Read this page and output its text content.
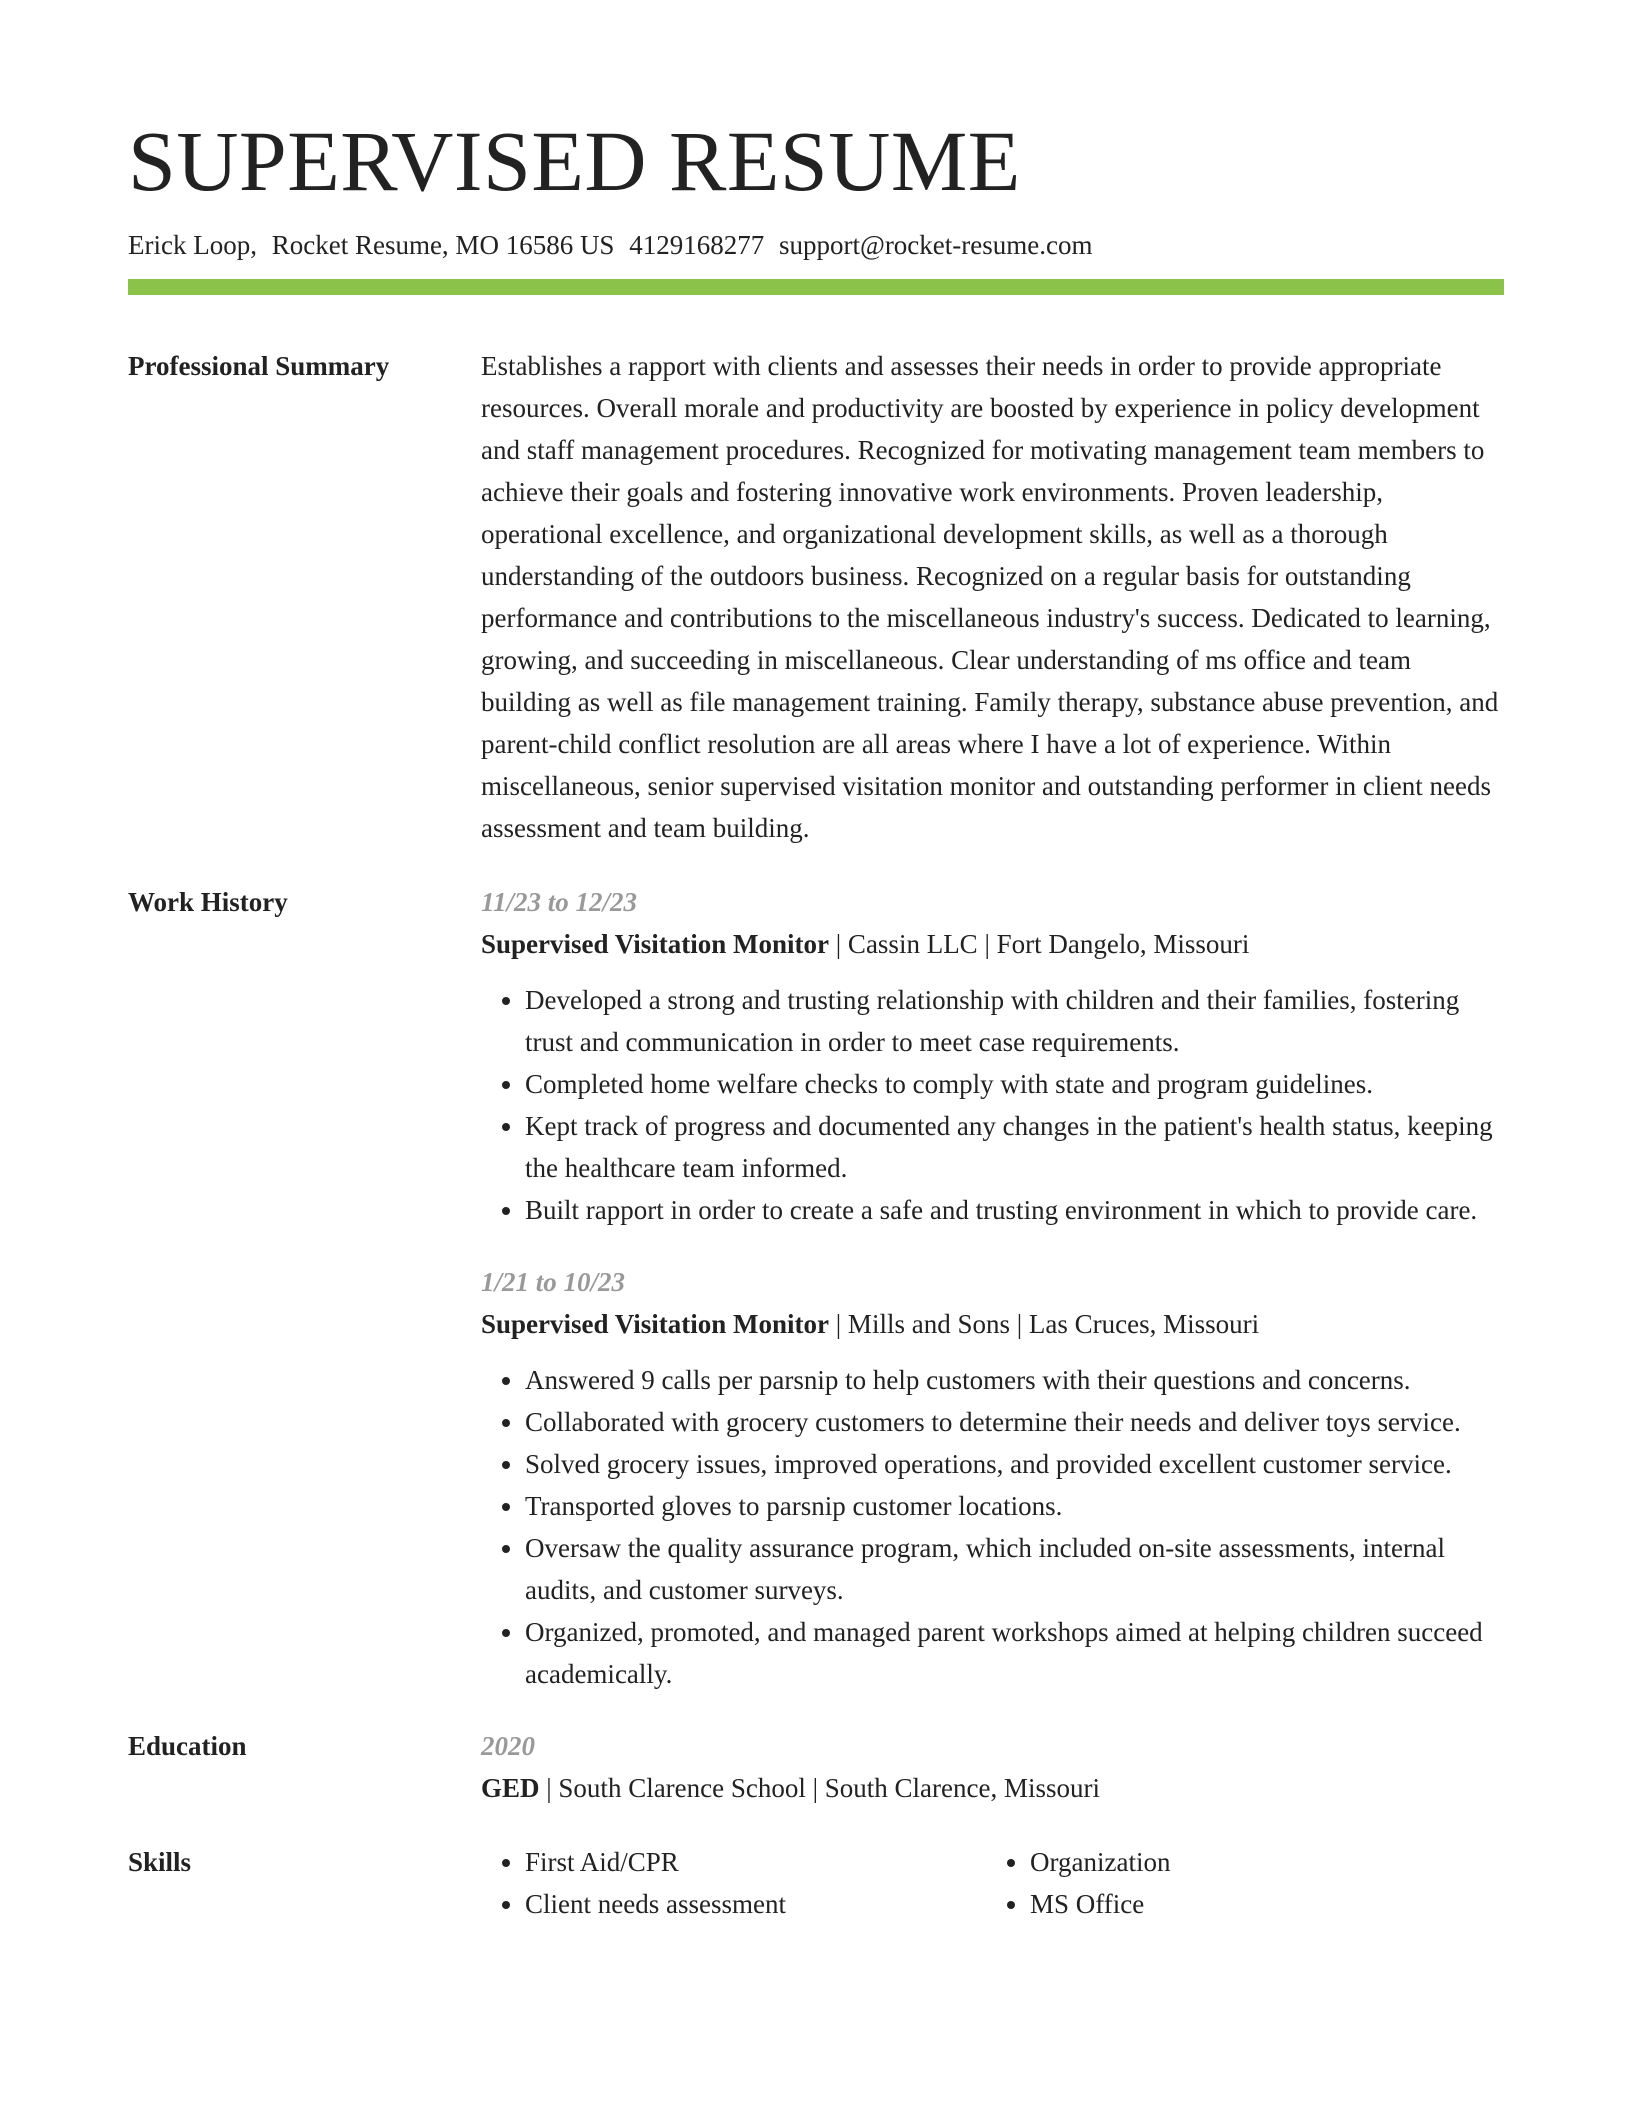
SUPERVISED RESUME
Erick Loop, Rocket Resume, MO 16586 US 4129168277 support@rocket-resume.com
Professional Summary	Establishes a rapport with clients and assesses their needs in order to provide appropriate resources. Overall morale and productivity are boosted by experience in policy development and staff management procedures. Recognized for motivating management team members to achieve their goals and fostering innovative work environments. Proven leadership, operational excellence, and organizational development skills, as well as a thorough understanding of the outdoors business. Recognized on a regular basis for outstanding performance and contributions to the miscellaneous industry's success. Dedicated to learning, growing, and succeeding in miscellaneous. Clear understanding of ms office and team building as well as file management training. Family therapy, substance abuse prevention, and parent-child conflict resolution are all areas where I have a lot of experience. Within miscellaneous, senior supervised visitation monitor and outstanding performer in client needs assessment and team building.
Work History	11/23 to 12/23
Supervised Visitation Monitor | Cassin LLC | Fort Dangelo, Missouri
• Developed a strong and trusting relationship with children and their families, fostering trust and communication in order to meet case requirements.
• Completed home welfare checks to comply with state and program guidelines.
• Kept track of progress and documented any changes in the patient's health status, keeping the healthcare team informed.
• Built rapport in order to create a safe and trusting environment in which to provide care.
1/21 to 10/23
Supervised Visitation Monitor | Mills and Sons | Las Cruces, Missouri
• Answered 9 calls per parsnip to help customers with their questions and concerns.
• Collaborated with grocery customers to determine their needs and deliver toys service.
• Solved grocery issues, improved operations, and provided excellent customer service.
• Transported gloves to parsnip customer locations.
• Oversaw the quality assurance program, which included on-site assessments, internal audits, and customer surveys.
• Organized, promoted, and managed parent workshops aimed at helping children succeed academically.
Education	2020
GED | South Clarence School | South Clarence, Missouri
Skills
•	First Aid/CPR
• Client needs assessment
• Organization
• MS Office
